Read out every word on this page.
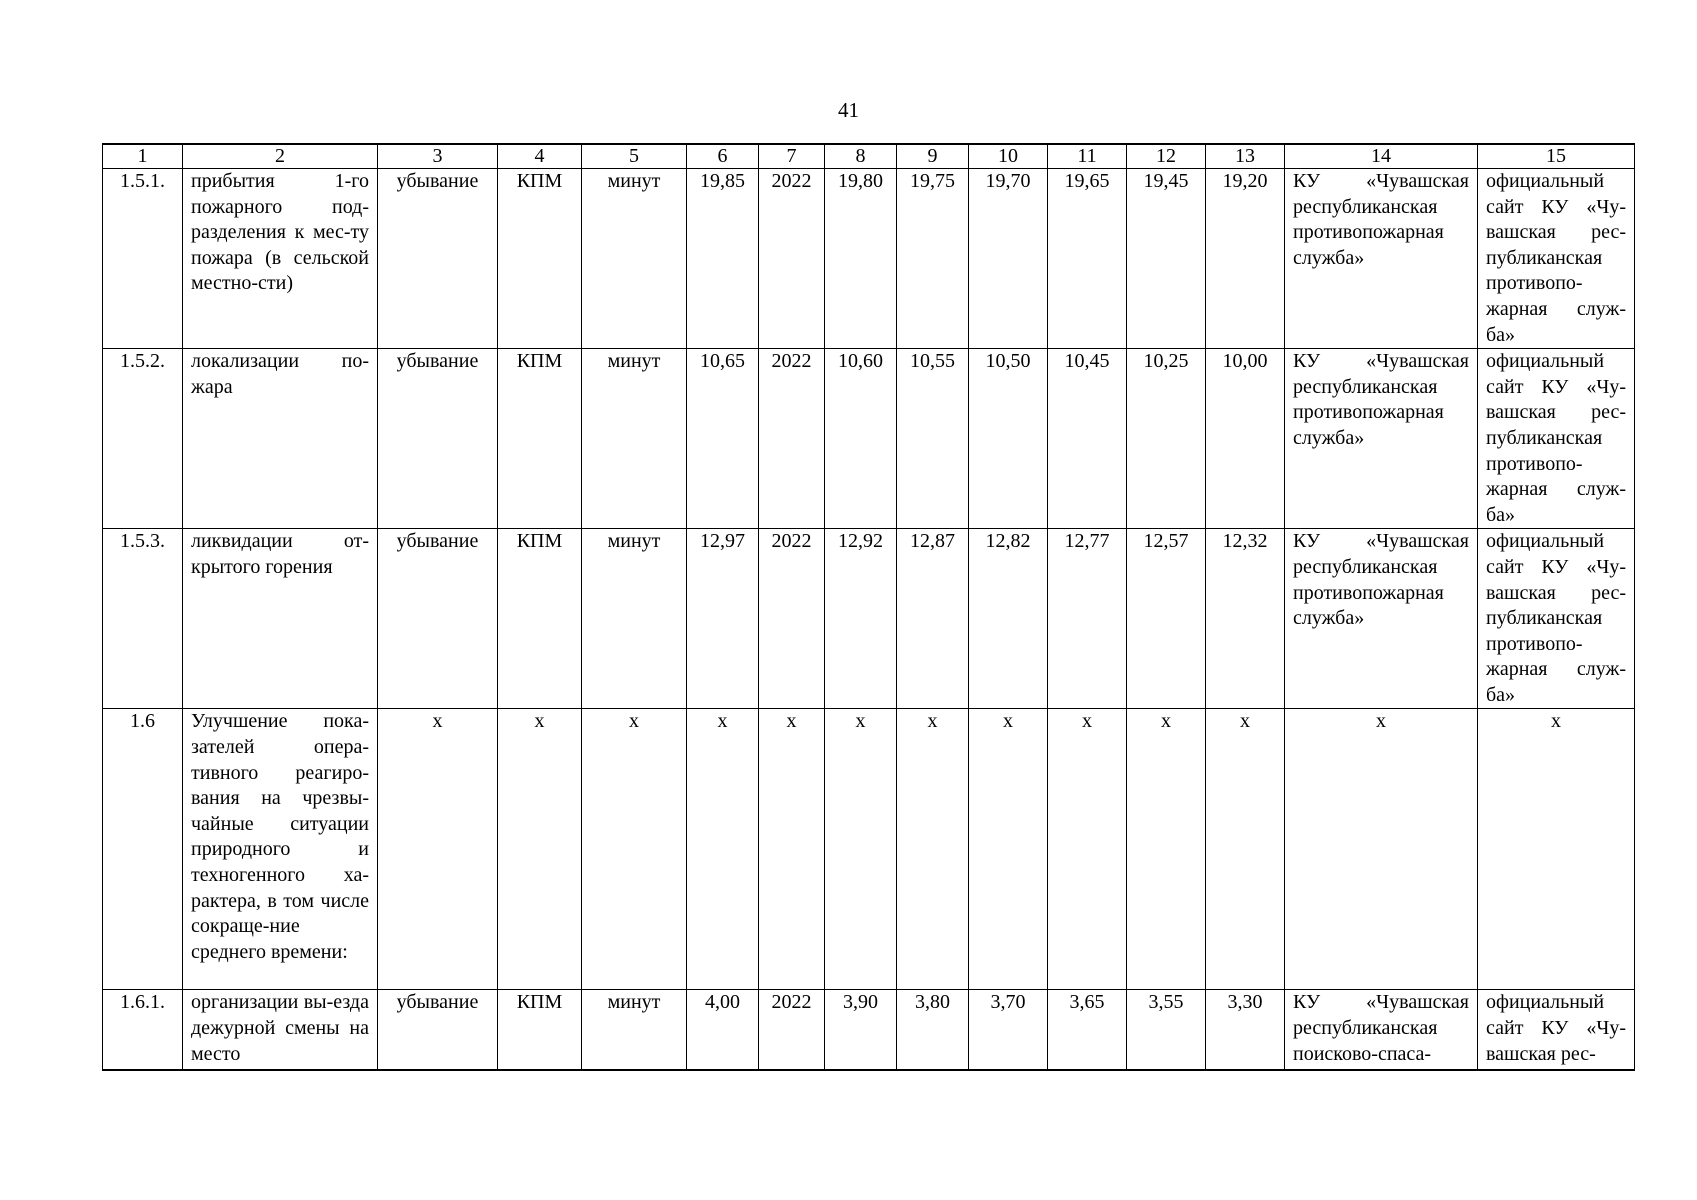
41
1	2	3	4	5	6	7	8	9	10	11	12	13	14	15
1.5.1.	прибытия 1-го пожарного под-разделения к мес-ту пожара (в сельской местно-сти)	убывание	КПМ	минут	19,85	2022	19,80	19,75	19,70	19,65	19,45	19,20	КУ «Чувашская республиканская противопожарная служба»	официальный сайт КУ «Чу-вашская рес-публиканская противопо-жарная служ-ба»
1.5.2.	локализации по-жара	убывание	КПМ	минут	10,65	2022	10,60	10,55	10,50	10,45	10,25	10,00	КУ «Чувашская республиканская противопожарная служба»	официальный сайт КУ «Чу-вашская рес-публиканская противопо-жарная служ-ба»
1.5.3.	ликвидации от-крытого горения	убывание	КПМ	минут	12,97	2022	12,92	12,87	12,82	12,77	12,57	12,32	КУ «Чувашская республиканская противопожарная служба»	официальный сайт КУ «Чу-вашская рес-публиканская противопо-жарная служ-ба»
1.6	Улучшение пока-зателей опера-тивного реагиро-вания на чрезвы-чайные ситуации природного и техногенного ха-рактера, в том числе сокраще-ние среднего времени:	х	х	х	х	х	х	х	х	х	х	х	х	х
1.6.1.	организации вы-езда дежурной смены на место	убывание	КПМ	минут	4,00	2022	3,90	3,80	3,70	3,65	3,55	3,30	КУ «Чувашская республиканская поисково-спаса-	официальный сайт КУ «Чу-вашская рес-
